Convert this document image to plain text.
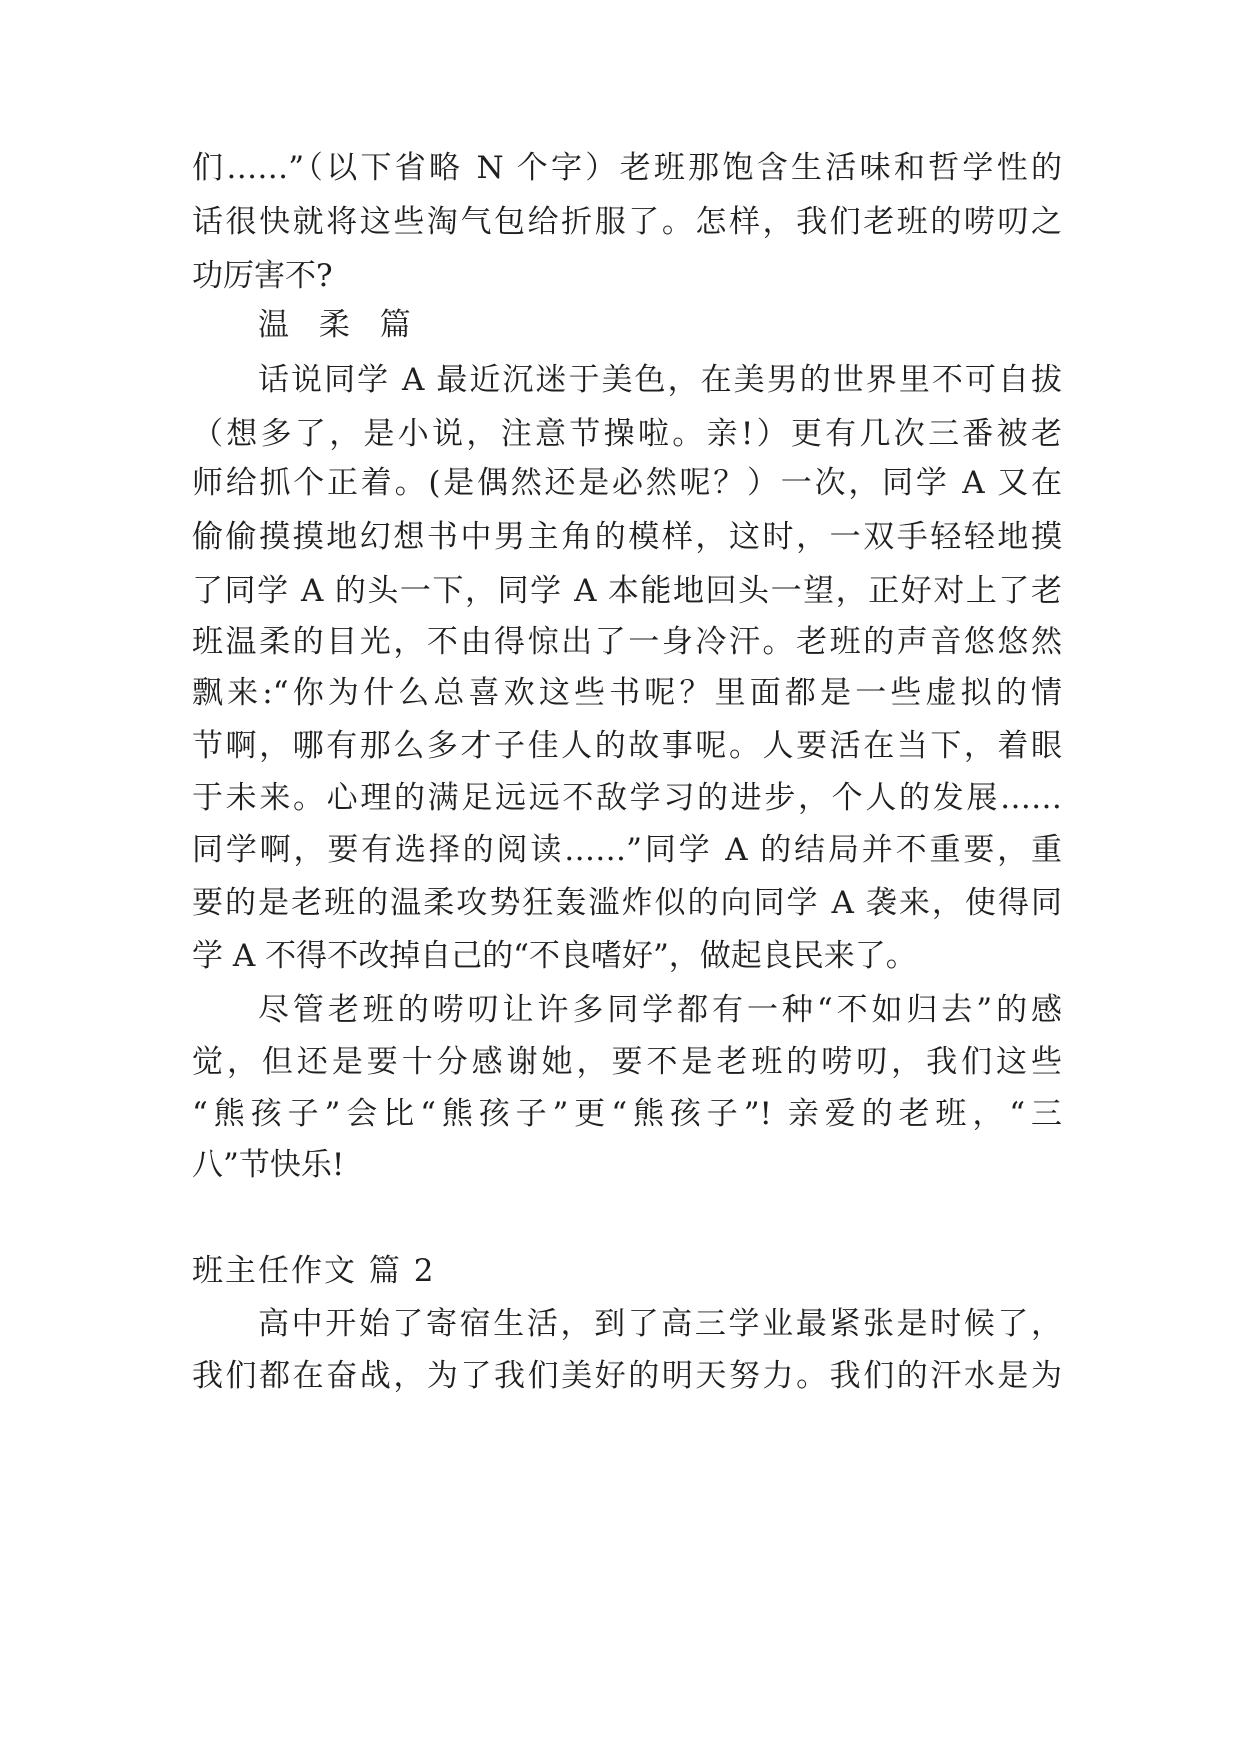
们……”（以下省略 N 个字）老班那饱含生活味和哲学性的
话很快就将这些淘气包给折服了。怎样，我们老班的唠叨之
功厉害不?
温 柔 篇
话说同学 A 最近沉迷于美色，在美男的世界里不可自拔
（想多了，是小说，注意节操啦。亲!）更有几次三番被老
师给抓个正着。(是偶然还是必然呢？）一次，同学 A 又在
偷偷摸摸地幻想书中男主角的模样，这时，一双手轻轻地摸
了同学 A 的头一下，同学 A 本能地回头一望，正好对上了老
班温柔的目光，不由得惊出了一身冷汗。老班的声音悠悠然
飘来:“你为什么总喜欢这些书呢？里面都是一些虚拟的情
节啊，哪有那么多才子佳人的故事呢。人要活在当下，着眼
于未来。心理的满足远远不敌学习的进步，个人的发展……
同学啊，要有选择的阅读……”同学 A 的结局并不重要，重
要的是老班的温柔攻势狂轰滥炸似的向同学 A 袭来，使得同
学 A 不得不改掉自己的“不良嗜好”，做起良民来了。
尽管老班的唠叨让许多同学都有一种“不如归去”的感
觉，但还是要十分感谢她，要不是老班的唠叨，我们这些
“熊孩子”会比“熊孩子”更“熊孩子”! 亲爱的老班，“三
八”节快乐!
班主任作文 篇 2
高中开始了寄宿生活，到了高三学业最紧张是时候了，
我们都在奋战，为了我们美好的明天努力。我们的汗水是为
